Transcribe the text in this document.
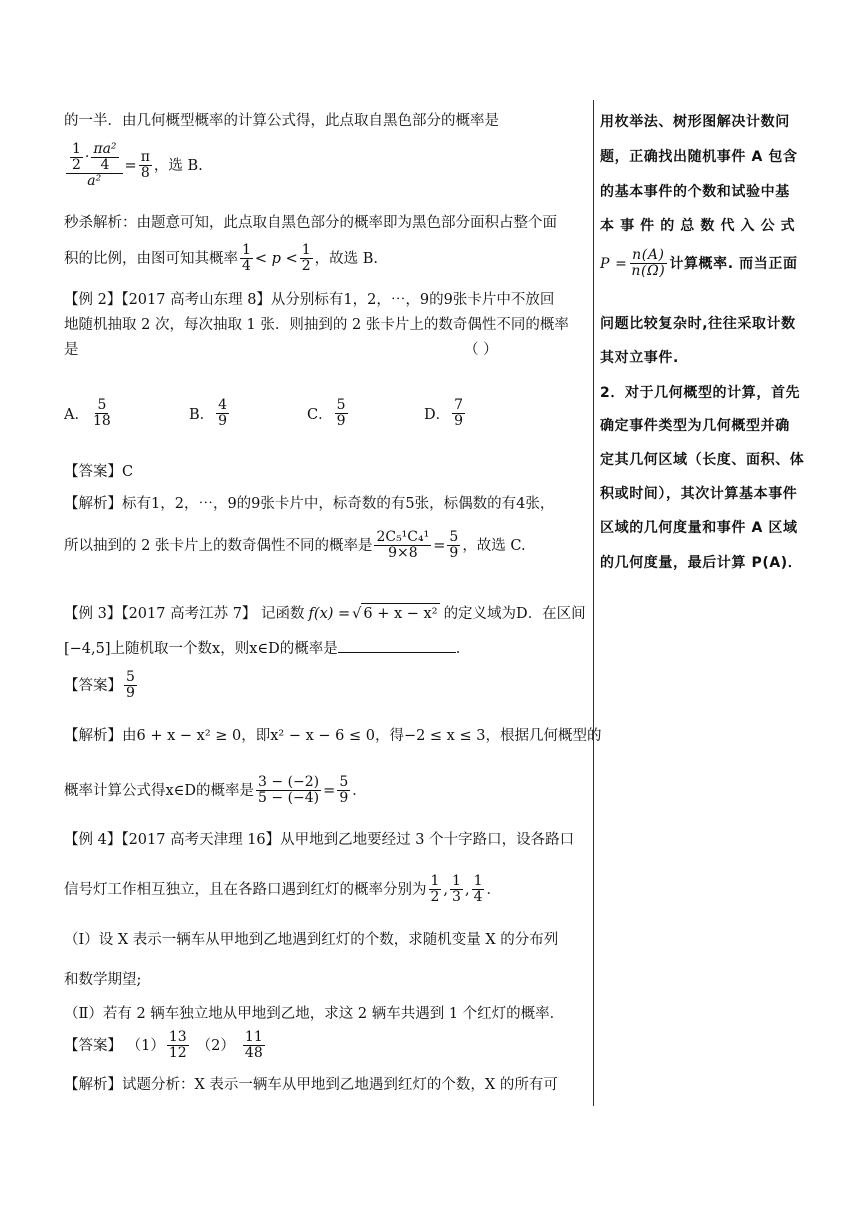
的一半．由几何概型概率的计算公式得，此点取自黑色部分的概率是
$\frac{\frac{1}{2} \cdot \frac{\text{πa²}}{4}}{\text{a²}} = \frac{\pi}{8}$ ，选 B.
秒杀解析：由题意可知，此点取自黑色部分的概率即为黑色部分面积占整个面
积的比例，由图可知其概率 $\frac{1}{4} < p < \frac{1}{2}$ ，故选 B.
【例 2】【2017 高考山东理 8】从分别标有1，2，⋯，9的9张卡片中不放回
地随机抽取 2 次，每次抽取 1 张．则抽到的 2 张卡片上的数奇偶性不同的概率
是	（ ）
A． $\frac{5}{18}$	B． $\frac{4}{9}$	C． $\frac{5}{9}$	D． $\frac{7}{9}$
【答案】C
【解析】标有1，2，⋯，9的9张卡片中，标奇数的有5张，标偶数的有4张，
所以抽到的 2 张卡片上的数奇偶性不同的概率是 $\frac{\text{2C₅¹C₄¹}}{9\times 8} = \frac{5}{9}$ ，故选 C.
【例 3】【2017 高考江苏 7】 记函数 f(x) = √ 6 + x − x² 的定义域为D．在区间
[−4,5]上随机取一个数x，则x∈D的概率是	．
【答案】 $\frac{5}{9}$
【解析】由6 + x − x² ≥ 0，即x² − x − 6 ≤ 0，得−2 ≤ x ≤ 3，根据几何概型的
概率计算公式得x∈D的概率是 $\frac{3 - (-2)}{5 - (-4)} = \frac{5}{9}$ ．
【例 4】【2017 高考天津理 16】从甲地到乙地要经过 3 个十字路口，设各路口
信号灯工作相互独立，且在各路口遇到红灯的概率分别为 $\frac{1}{2}$ , $\frac{1}{3}$ , $\frac{1}{4}$ ．
（Ⅰ）设 X 表示一辆车从甲地到乙地遇到红灯的个数，求随机变量 X 的分布列
和数学期望;
（Ⅱ）若有 2 辆车独立地从甲地到乙地，求这 2 辆车共遇到 1 个红灯的概率．
【答案】 $(1) \frac{13}{12} (2) \frac{11}{48}$
【解析】试题分析：X 表示一辆车从甲地到乙地遇到红灯的个数，X 的所有可
用枚举法、树形图解决计数问
题，正确找出随机事件 A 包含
的基本事件的个数和试验中基
本 事 件 的 总 数 代 入 公 式
$P = \frac{n(A)}{n(\Omega)}$ 计算概率. 而当正面
问题比较复杂时,往往采取计数
其对立事件.
2．对于几何概型的计算，首先
确定事件类型为几何概型并确
定其几何区域（长度、面积、体
积或时间），其次计算基本事件
区域的几何度量和事件 A 区域
的几何度量，最后计算 P(A)．
